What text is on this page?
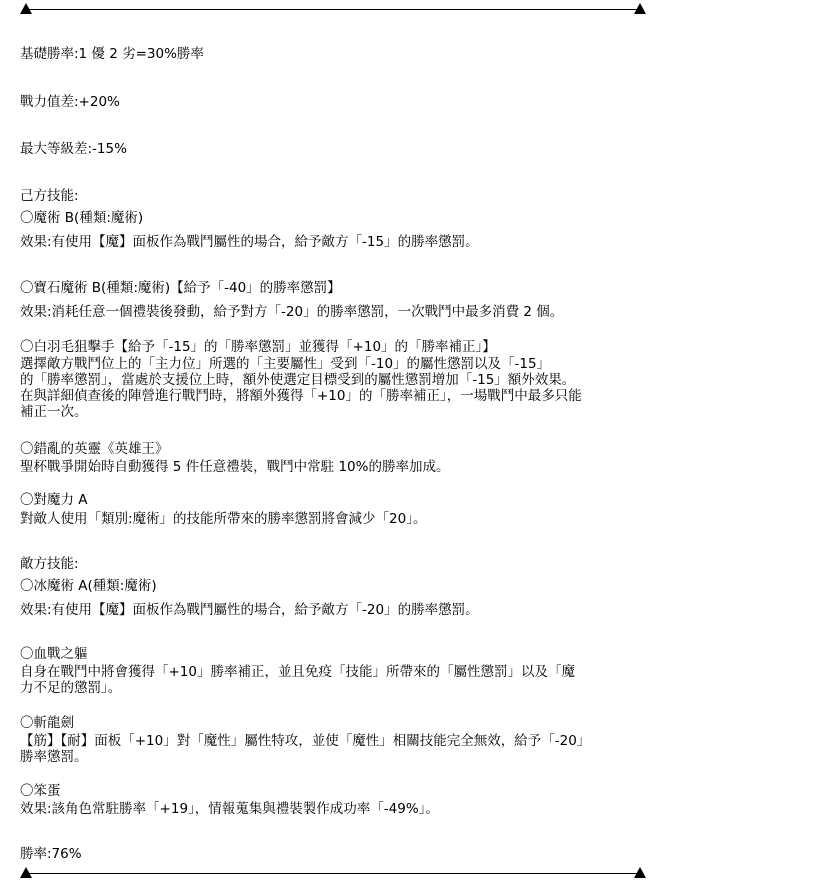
基礎勝率:1 優 2 劣=30%勝率
戰力值差:+20%
最大等級差:-15%
己方技能:
〇魔術 B(種類:魔術)
效果:有使用【魔】面板作為戰鬥屬性的場合，給予敵方「-15」的勝率懲罰。
〇寶石魔術 B(種類:魔術)【給予「-40」的勝率懲罰】
效果:消耗任意一個禮裝後發動，給予對方「-20」的勝率懲罰，一次戰鬥中最多消費 2 個。
〇白羽毛狙擊手【給予「-15」的「勝率懲罰」並獲得「+10」的「勝率補正」】
選擇敵方戰鬥位上的「主力位」所選的「主要屬性」受到「-10」的屬性懲罰以及「-15」
的「勝率懲罰」，當處於支援位上時，額外使選定目標受到的屬性懲罰增加「-15」額外效果。
在與詳細偵查後的陣營進行戰鬥時，將額外獲得「+10」的「勝率補正」，一場戰鬥中最多只能
補正一次。
〇錯亂的英靈《英雄王》
聖杯戰爭開始時自動獲得 5 件任意禮裝，戰鬥中常駐 10%的勝率加成。
〇對魔力 A
對敵人使用「類別:魔術」的技能所帶來的勝率懲罰將會減少「20」。
敵方技能:
〇冰魔術 A(種類:魔術)
效果:有使用【魔】面板作為戰鬥屬性的場合，給予敵方「-20」的勝率懲罰。
〇血戰之軀
自身在戰鬥中將會獲得「+10」勝率補正，並且免疫「技能」所帶來的「屬性懲罰」以及「魔
力不足的懲罰」。
〇斬龍劍
【筋】【耐】面板「+10」對「魔性」屬性特攻，並使「魔性」相關技能完全無效，給予「-20」
勝率懲罰。
〇笨蛋
效果:該角色常駐勝率「+19」，情報蒐集與禮裝製作成功率「-49%」。
勝率:76%
